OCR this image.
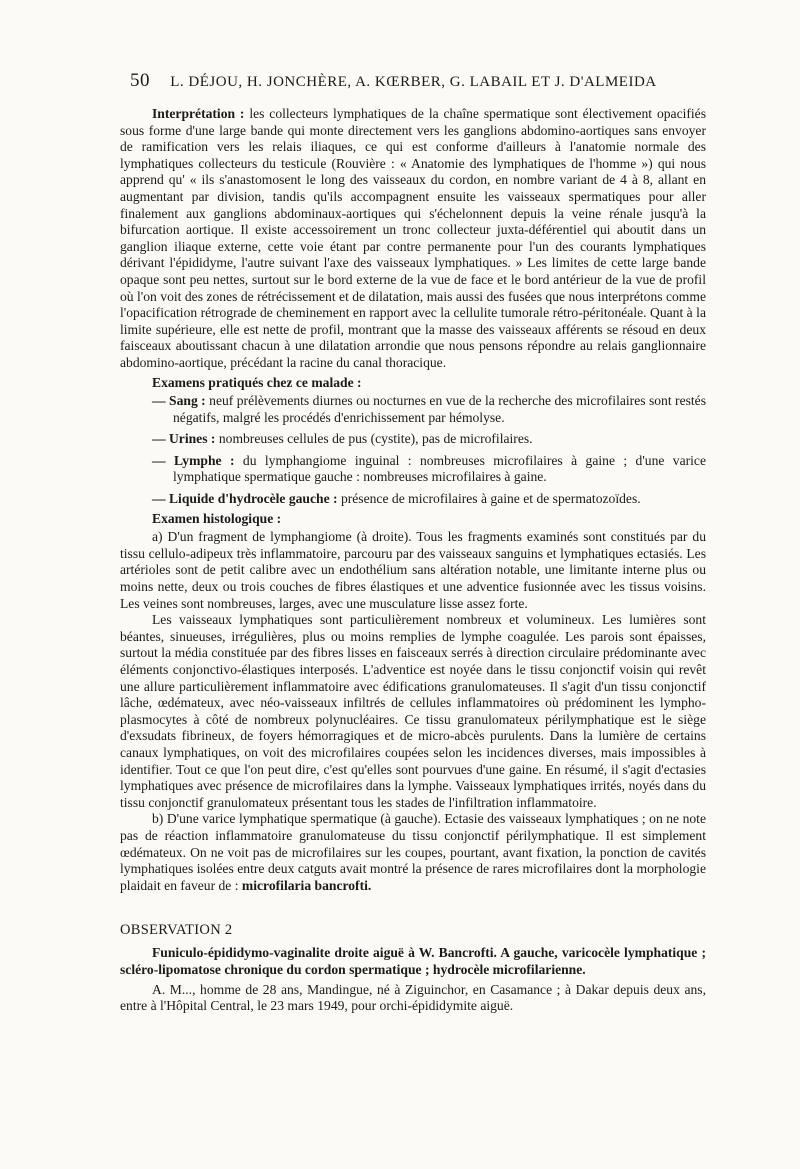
50 L. DÉJOU, H. JONCHÈRE, A. KŒRBER, G. LABAIL ET J. D'ALMEIDA

Interprétation : les collecteurs lymphatiques de la chaîne spermatique sont électivement opacifiés sous forme d'une large bande qui monte directement vers les ganglions abdomino-aortiques sans envoyer de ramification vers les relais iliaques, ce qui est conforme d'ailleurs à l'anatomie normale des lymphatiques collecteurs du testicule (Rouvière : « Anatomie des lymphatiques de l'homme ») qui nous apprend qu' « ils s'anastomosent le long des vaisseaux du cordon, en nombre variant de 4 à 8, allant en augmentant par division, tandis qu'ils accompagnent ensuite les vaisseaux spermatiques pour aller finalement aux ganglions abdominaux-aortiques qui s'échelonnent depuis la veine rénale jusqu'à la bifurcation aortique. Il existe accessoirement un tronc collecteur juxta-déférentiel qui aboutit dans un ganglion iliaque externe, cette voie étant par contre permanente pour l'un des courants lymphatiques dérivant l'épididyme, l'autre suivant l'axe des vaisseaux lymphatiques. » Les limites de cette large bande opaque sont peu nettes, surtout sur le bord externe de la vue de face et le bord antérieur de la vue de profil où l'on voit des zones de rétrécissement et de dilatation, mais aussi des fusées que nous interprétons comme l'opacification rétrograde de cheminement en rapport avec la cellulite tumorale rétro-péritonéale. Quant à la limite supérieure, elle est nette de profil, montrant que la masse des vaisseaux afférents se résoud en deux faisceaux aboutissant chacun à une dilatation arrondie que nous pensons répondre au relais ganglionnaire abdomino-aortique, précédant la racine du canal thoracique.

Examens pratiqués chez ce malade :
— Sang : neuf prélèvements diurnes ou nocturnes en vue de la recherche des microfilaires sont restés négatifs, malgré les procédés d'enrichissement par hémolyse.
— Urines : nombreuses cellules de pus (cystite), pas de microfilaires.
— Lymphe : du lymphangiome inguinal : nombreuses microfilaires à gaine ; d'une varice lymphatique spermatique gauche : nombreuses microfilaires à gaine.
— Liquide d'hydrocèle gauche : présence de microfilaires à gaine et de spermatozoïdes.
Examen histologique :

a) D'un fragment de lymphangiome (à droite). Tous les fragments examinés sont constitués par du tissu cellulo-adipeux très inflammatoire, parcouru par des vaisseaux sanguins et lymphatiques ectasiés. Les artérioles sont de petit calibre avec un endothélium sans altération notable, une limitante interne plus ou moins nette, deux ou trois couches de fibres élastiques et une adventice fusionnée avec les tissus voisins. Les veines sont nombreuses, larges, avec une musculature lisse assez forte.

Les vaisseaux lymphatiques sont particulièrement nombreux et volumineux. Les lumières sont béantes, sinueuses, irrégulières, plus ou moins remplies de lymphe coagulée. Les parois sont épaisses, surtout la média constituée par des fibres lisses en faisceaux serrés à direction circulaire prédominante avec éléments conjonctivo-élastiques interposés. L'adventice est noyée dans le tissu conjonctif voisin qui revêt une allure particulièrement inflammatoire avec édifications granulomateuses. Il s'agit d'un tissu conjonctif lâche, œdémateux, avec néo-vaisseaux infiltrés de cellules inflammatoires où prédominent les lympho-plasmocytes à côté de nombreux polynucléaires. Ce tissu granulomateux périlymphatique est le siège d'exsudats fibrineux, de foyers hémorragiques et de micro-abcès purulents. Dans la lumière de certains canaux lymphatiques, on voit des microfilaires coupées selon les incidences diverses, mais impossibles à identifier. Tout ce que l'on peut dire, c'est qu'elles sont pourvues d'une gaine. En résumé, il s'agit d'ectasies lymphatiques avec présence de microfilaires dans la lymphe. Vaisseaux lymphatiques irrités, noyés dans du tissu conjonctif granulomateux présentant tous les stades de l'infiltration inflammatoire.

b) D'une varice lymphatique spermatique (à gauche). Ectasie des vaisseaux lymphatiques ; on ne note pas de réaction inflammatoire granulomateuse du tissu conjonctif périlymphatique. Il est simplement œdémateux. On ne voit pas de microfilaires sur les coupes, pourtant, avant fixation, la ponction de cavités lymphatiques isolées entre deux catguts avait montré la présence de rares microfilaires dont la morphologie plaidait en faveur de : microfilaria bancrofti.

OBSERVATION 2

Funiculo-épididymo-vaginalite droite aiguë à W. Bancrofti. A gauche, varicocèle lymphatique ; scléro-lipomatose chronique du cordon spermatique ; hydrocèle microfilarienne.

A. M..., homme de 28 ans, Mandingue, né à Ziguinchor, en Casamance ; à Dakar depuis deux ans, entre à l'Hôpital Central, le 23 mars 1949, pour orchi-épididymite aiguë.
